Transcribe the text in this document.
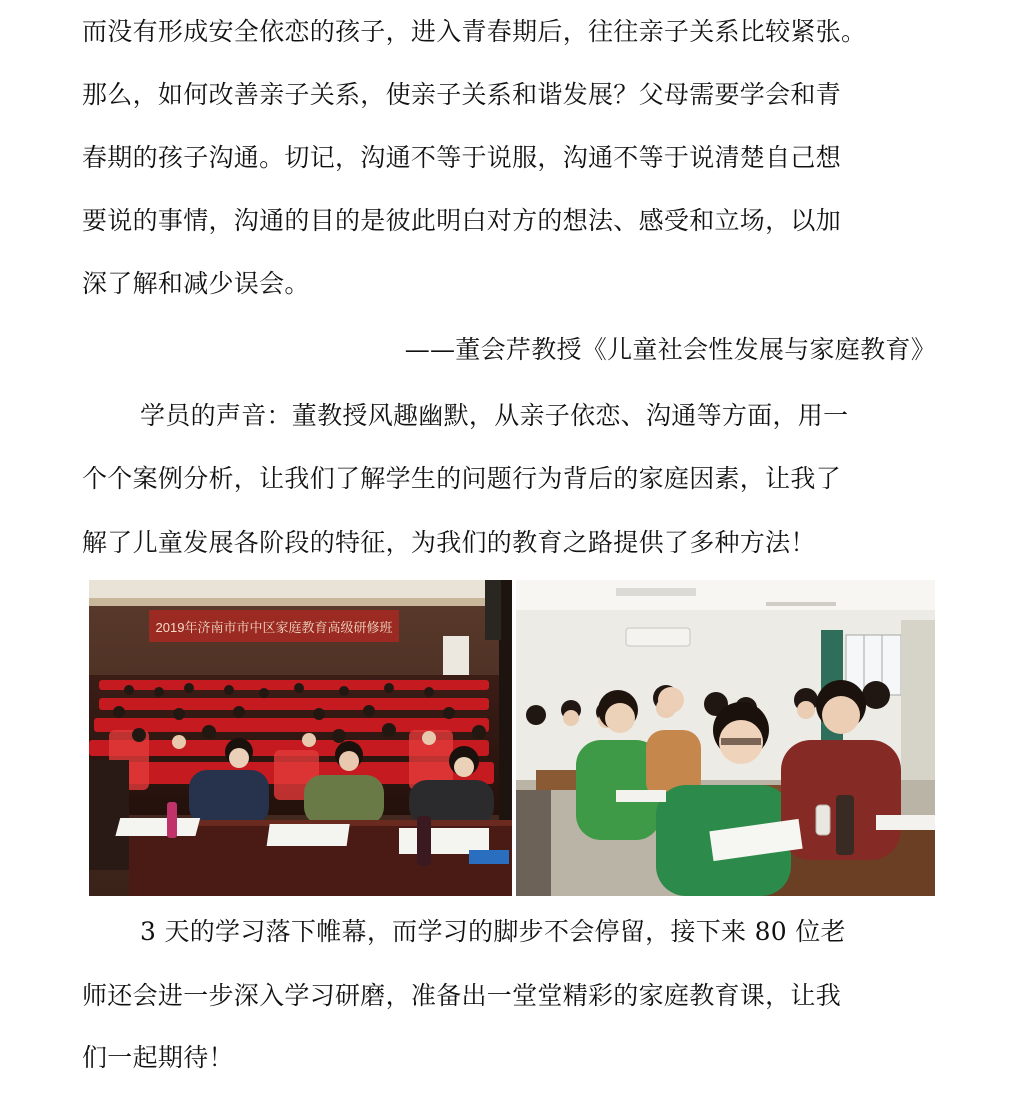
而没有形成安全依恋的孩子，进入青春期后，往往亲子关系比较紧张。
那么，如何改善亲子关系，使亲子关系和谐发展？父母需要学会和青
春期的孩子沟通。切记，沟通不等于说服，沟通不等于说清楚自己想
要说的事情，沟通的目的是彼此明白对方的想法、感受和立场，以加
深了解和减少误会。
——董会芹教授《儿童社会性发展与家庭教育》
学员的声音：董教授风趣幽默，从亲子依恋、沟通等方面，用一
个个案例分析，让我们了解学生的问题行为背后的家庭因素，让我了
解了儿童发展各阶段的特征，为我们的教育之路提供了多种方法！
2019年济南市市中区家庭教育高级研修班
3 天的学习落下帷幕，而学习的脚步不会停留，接下来 80 位老
师还会进一步深入学习研磨，准备出一堂堂精彩的家庭教育课，让我
们一起期待！
